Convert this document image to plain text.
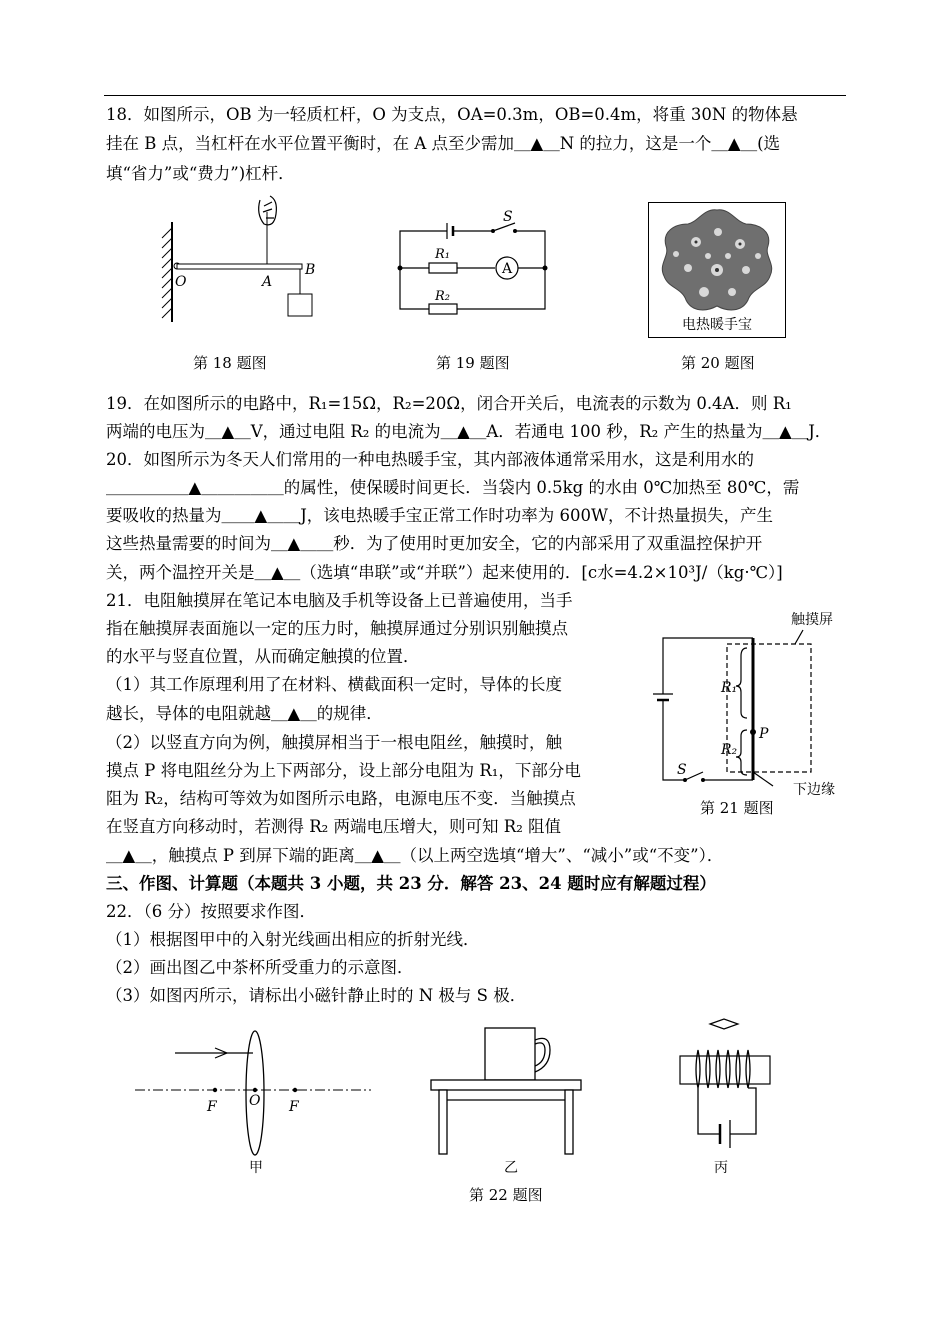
18．如图所示，OB 为一轻质杠杆，O 为支点，OA=0.3m，OB=0.4m，将重 30N 的物体悬
挂在 B 点，当杠杆在水平位置平衡时，在 A 点至少需加＿▲＿N 的拉力，这是一个＿▲＿(选
填“省力”或“费力”)杠杆．
O	A
B
第 18 题图
S
R₁
A
R₂
第 19 题图
电热暖手宝
第 20 题图
19．在如图所示的电路中，R₁=15Ω，R₂=20Ω，闭合开关后，电流表的示数为 0.4A．则 R₁
两端的电压为＿▲＿V，通过电阻 R₂ 的电流为＿▲＿A．若通电 100 秒，R₂ 产生的热量为＿▲＿J．
20．如图所示为冬天人们常用的一种电热暖手宝，其内部液体通常采用水，这是利用水的
＿＿＿＿＿▲＿＿＿＿＿的属性，使保暖时间更长．当袋内 0.5kg 的水由 0℃加热至 80℃，需
要吸收的热量为＿＿▲＿＿J，该电热暖手宝正常工作时功率为 600W，不计热量损失，产生
这些热量需要的时间为＿▲＿＿秒．为了使用时更加安全，它的内部采用了双重温控保护开
关，两个温控开关是＿▲＿（选填“串联”或“并联”）起来使用的．[c水=4.2×10³J/（kg·℃）]
21．电阻触摸屏在笔记本电脑及手机等设备上已普遍使用，当手
指在触摸屏表面施以一定的压力时，触摸屏通过分别识别触摸点
的水平与竖直位置，从而确定触摸的位置．
（1）其工作原理利用了在材料、横截面积一定时，导体的长度
越长，导体的电阻就越＿▲＿的规律．
（2）以竖直方向为例，触摸屏相当于一根电阻丝，触摸时，触
摸点 P 将电阻丝分为上下两部分，设上部分电阻为 R₁，下部分电
阻为 R₂，结构可等效为如图所示电路，电源电压不变．当触摸点
在竖直方向移动时，若测得 R₂ 两端电压增大，则可知 R₂ 阻值
＿▲＿，触摸点 P 到屏下端的距离＿▲＿（以上两空选填“增大”、“减小”或“不变”）．
触摸屏
R₁
P
R₂
S
下边缘
第 21 题图
三、作图、计算题（本题共 3 小题，共 23 分．解答 23、24 题时应有解题过程）
22．（6 分）按照要求作图．
（1）根据图甲中的入射光线画出相应的折射光线．
（2）画出图乙中茶杯所受重力的示意图．
（3）如图丙所示，请标出小磁针静止时的 N 极与 S 极．
F O F
甲	乙	丙
第 22 题图
